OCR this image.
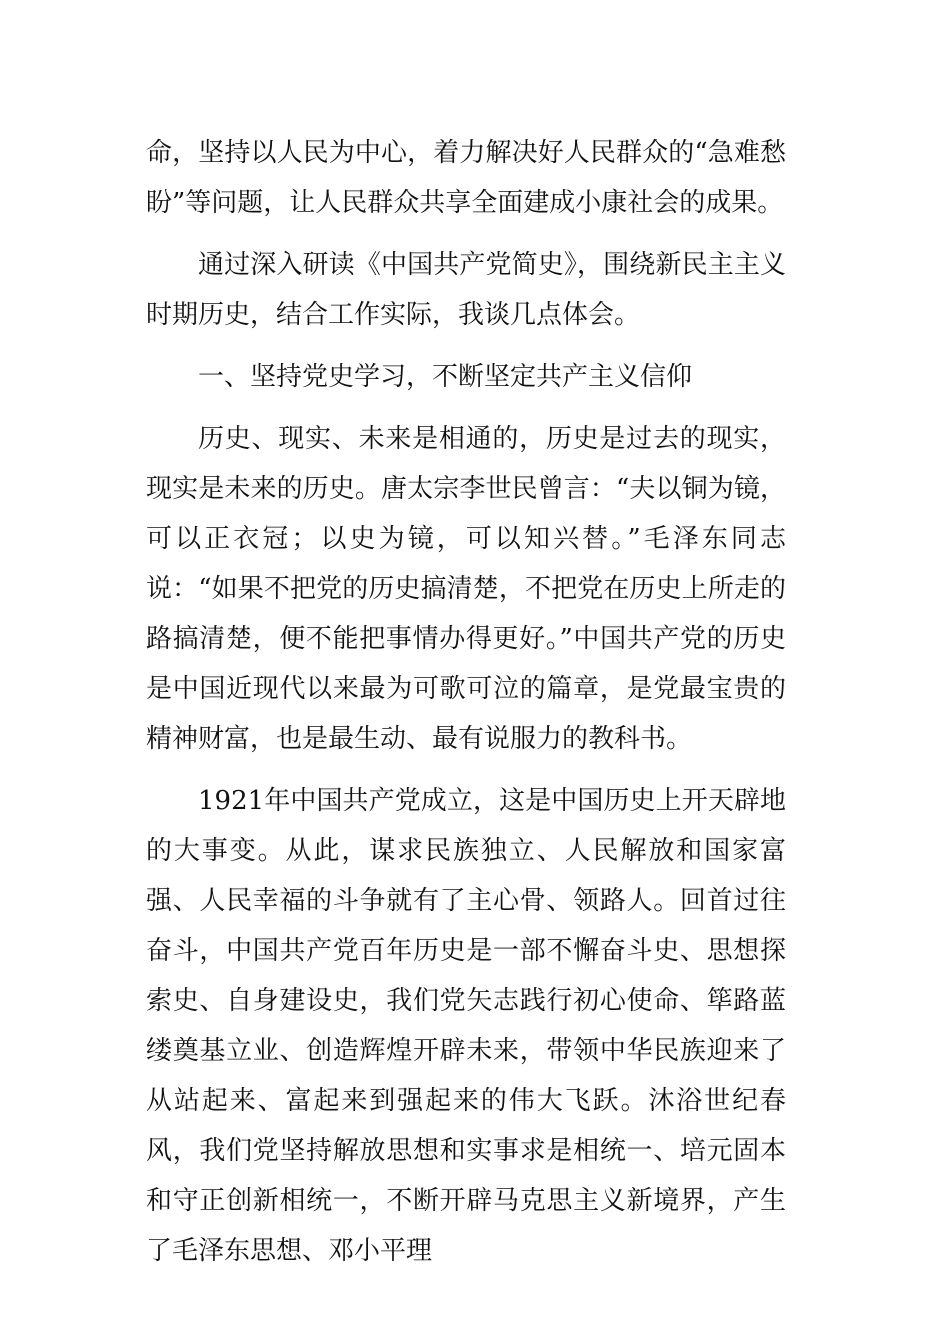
命，坚持以人民为中心，着力解决好人民群众的“急难愁盼”等问题，让人民群众共享全面建成小康社会的成果。

通过深入研读《中国共产党简史》，围绕新民主主义时期历史，结合工作实际，我谈几点体会。

一、坚持党史学习，不断坚定共产主义信仰

历史、现实、未来是相通的，历史是过去的现实，现实是未来的历史。唐太宗李世民曾言：“夫以铜为镜，可以正衣冠；以史为镜，可以知兴替。”毛泽东同志说：“如果不把党的历史搞清楚，不把党在历史上所走的路搞清楚，便不能把事情办得更好。”中国共产党的历史是中国近现代以来最为可歌可泣的篇章，是党最宝贵的精神财富，也是最生动、最有说服力的教科书。

1921年中国共产党成立，这是中国历史上开天辟地的大事变。从此，谋求民族独立、人民解放和国家富强、人民幸福的斗争就有了主心骨、领路人。回首过往奋斗，中国共产党百年历史是一部不懈奋斗史、思想探索史、自身建设史，我们党矢志践行初心使命、筚路蓝缕奠基立业、创造辉煌开辟未来，带领中华民族迎来了从站起来、富起来到强起来的伟大飞跃。沐浴世纪春风，我们党坚持解放思想和实事求是相统一、培元固本和守正创新相统一，不断开辟马克思主义新境界，产生了毛泽东思想、邓小平理
